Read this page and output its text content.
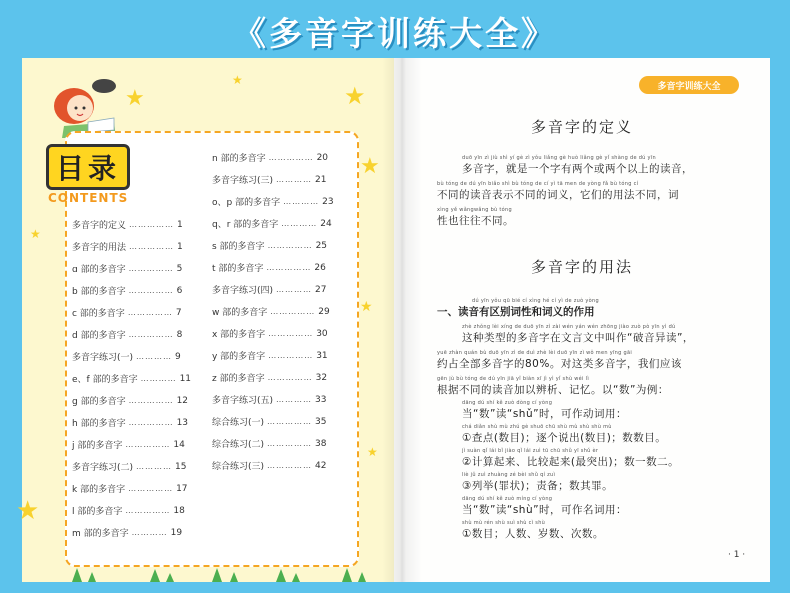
《多音字训练大全》
★
★
★
★
★
★
★
★
目录
CONTENTS
多音字的定义 …………… 1
多音字的用法 …………… 1
ɑ 部的多音字 …………… 5
b 部的多音字 …………… 6
c 部的多音字 …………… 7
d 部的多音字 …………… 8
多音字练习(一) ………… 9
e、f 部的多音字 ………… 11
g 部的多音字 …………… 12
h 部的多音字 …………… 13
j 部的多音字 …………… 14
多音字练习(二) ………… 15
k 部的多音字 …………… 17
l 部的多音字 …………… 18
m 部的多音字 ………… 19
n 部的多音字 …………… 20
多音字练习(三) ………… 21
o、p 部的多音字 ………… 23
q、r 部的多音字 ………… 24
s 部的多音字 …………… 25
t 部的多音字 …………… 26
多音字练习(四) ………… 27
w 部的多音字 …………… 29
x 部的多音字 …………… 30
y 部的多音字 …………… 31
z 部的多音字 …………… 32
多音字练习(五) ………… 33
综合练习(一) …………… 35
综合练习(二) …………… 38
综合练习(三) …………… 42
多音字训练大全
多音字的定义
duō yīn zì jiù shì yí gè zì yǒu liǎng gè huò liǎng gè yǐ shàng de dú yīn
多音字，就是一个字有两个或两个以上的读音，
bù tóng de dú yīn biǎo shì bù tóng de cí yì tā men de yòng fǎ bù tóng cí
不同的读音表示不同的词义，它们的用法不同，词
xìng yě wǎngwǎng bù tóng
性也往往不同。
多音字的用法
dú yīn yǒu qū bié cí xìng hé cí yì de zuò yòng
一、读音有区别词性和词义的作用
zhè zhǒng lèi xíng de duō yīn zì zài wén yán wén zhōng jiào zuò pò yīn yì dú
这种类型的多音字在文言文中叫作“破音异读”，
yuē zhàn quán bù duō yīn zì de duì zhè lèi duō yīn zì wǒ men yīng gāi
约占全部多音字的80%。对这类多音字，我们应该
gēn jù bù tóng de dú yīn jiā yǐ biàn xī jì yì yǐ shù wéi lì
根据不同的读音加以辨析、记忆。以“数”为例：
dāng dú shí kě zuò dòng cí yòng
当“数”读“shǔ”时，可作动词用：
chá diǎn shù mù zhú gè shuō chū shù mù shù shù mù
①查点(数目)；逐个说出(数目)；数数目。
jì suàn qǐ lái bǐ jiào qǐ lái zuì tū chū shǔ yī shǔ èr
②计算起来、比较起来(最突出)；数一数二。
liè jǔ zuì zhuàng zé bèi shǔ qí zuì
③列举(罪状)；责备；数其罪。
dāng dú shí kě zuò míng cí yòng
当“数”读“shù”时，可作名词用：
shù mù rén shù suì shù cì shù
①数目；人数、岁数、次数。
· 1 ·
